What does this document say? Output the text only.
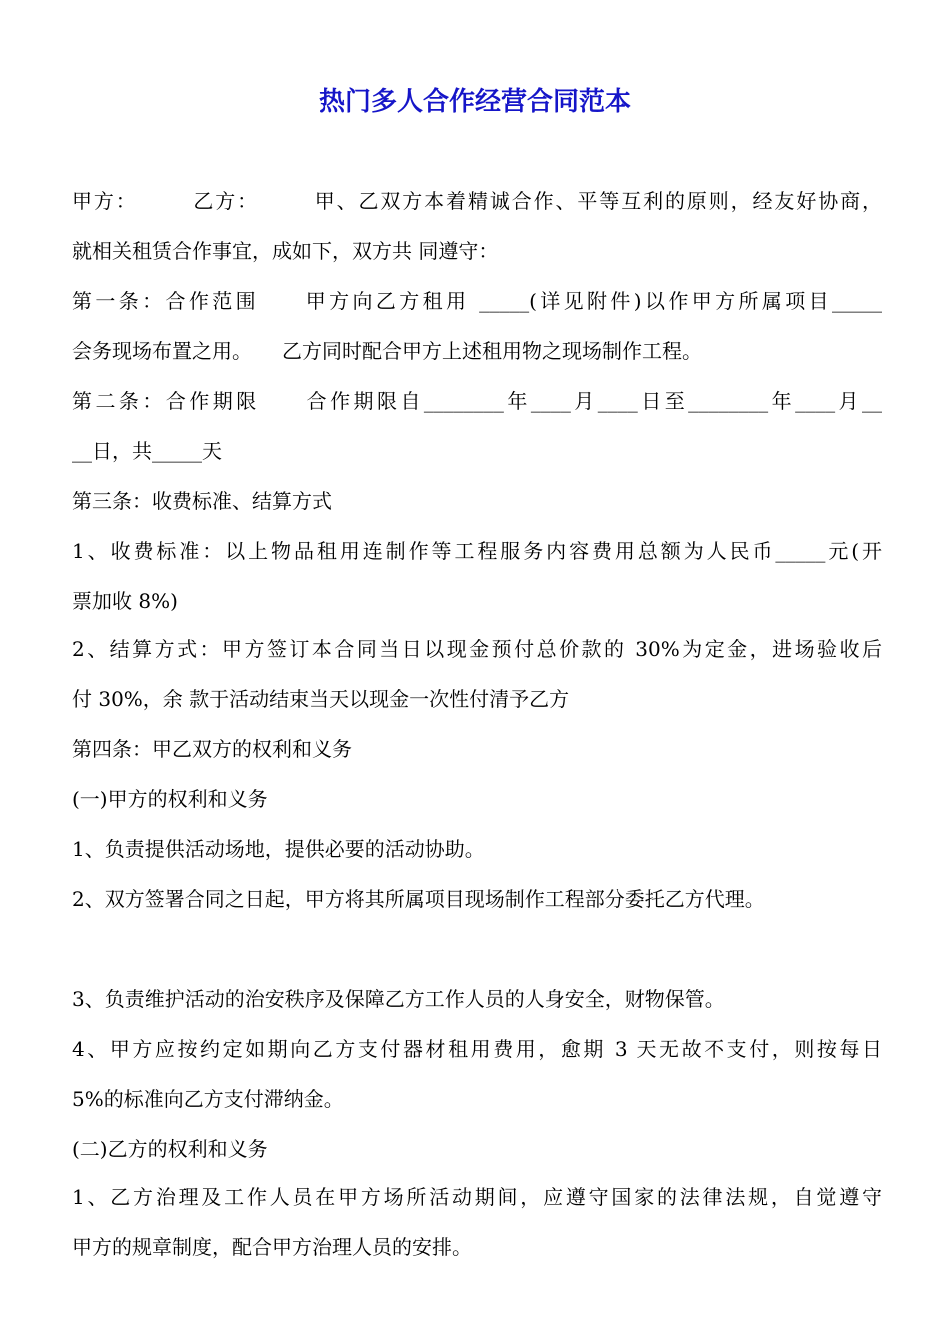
热门多人合作经营合同范本
甲方：　　　乙方：　　　甲、乙双方本着精诚合作、平等互利的原则，经友好协商，
就相关租赁合作事宜，成如下，双方共 同遵守：
第一条：合作范围　　甲方向乙方租用 _____(详见附件)以作甲方所属项目_____
会务现场布置之用。　　乙方同时配合甲方上述租用物之现场制作工程。
第二条：合作期限　　合作期限自________年____月____日至________年____月__
__日，共_____天
第三条：收费标准、结算方式
1、收费标准：以上物品租用连制作等工程服务内容费用总额为人民币_____元(开
票加收 8%)
2、结算方式：甲方签订本合同当日以现金预付总价款的 30%为定金，进场验收后
付 30%，余 款于活动结束当天以现金一次性付清予乙方
第四条：甲乙双方的权利和义务
(一)甲方的权利和义务
1、负责提供活动场地，提供必要的活动协助。
2、双方签署合同之日起，甲方将其所属项目现场制作工程部分委托乙方代理。
3、负责维护活动的治安秩序及保障乙方工作人员的人身安全，财物保管。
4、甲方应按约定如期向乙方支付器材租用费用，愈期 3 天无故不支付，则按每日
5%的标准向乙方支付滞纳金。
(二)乙方的权利和义务
1、乙方治理及工作人员在甲方场所活动期间，应遵守国家的法律法规，自觉遵守
甲方的规章制度，配合甲方治理人员的安排。
